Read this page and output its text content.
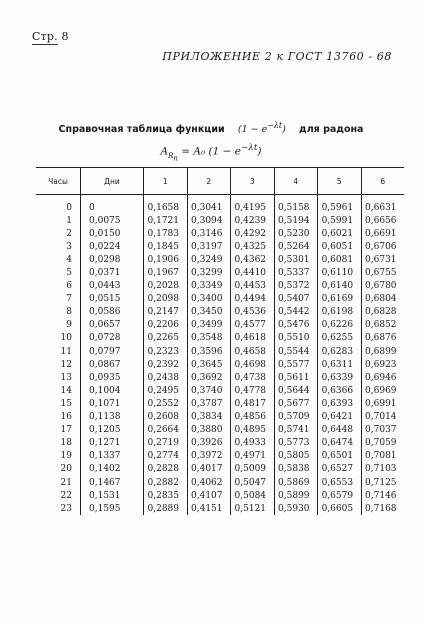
Стр. 8
ПРИЛОЖЕНИЕ 2 к ГОСТ 13760 - 68
Справочная таблица функции $(1 - e^{-\lambda t})$ для радона
$A_{R_n} = A_0$ $(1 - e^{-\lambda t})$
Часы	Дни	1	2	3	4	5	6
0	0	0,1658	0,3041	0,4195	0,5158	0,5961	0,6631
1	0,0075	0,1721	0,3094	0,4239	0,5194	0,5991	0,6656
2	0,0150	0,1783	0,3146	0,4292	0,5230	0,6021	0,6691
3	0,0224	0,1845	0,3197	0,4325	0,5264	0,6051	0,6706
4	0,0298	0,1906	0,3249	0,4362	0,5301	0,6081	0,6731
5	0,0371	0,1967	0,3299	0,4410	0,5337	0,6110	0,6755
6	0,0443	0,2028	0,3349	0,4453	0,5372	0,6140	0,6780
7	0,0515	0,2098	0,3400	0,4494	0,5407	0,6169	0,6804
8	0,0586	0,2147	0,3450	0,4536	0,5442	0,6198	0,6828
9	0,0657	0,2206	0,3499	0,4577	0,5476	0,6226	0,6852
10	0,0728	0,2265	0,3548	0,4618	0,5510	0,6255	0,6876
11	0,0797	0,2323	0,3596	0,4658	0,5544	0,6283	0,6899
12	0,0867	0,2392	0,3645	0,4698	0,5577	0,6311	0,6923
13	0,0935	0,2438	0,3692	0,4738	0,5611	0,6339	0,6946
14	0,1004	0,2495	0,3740	0,4778	0,5644	0,6366	0,6969
15	0,1071	0,2552	0,3787	0,4817	0,5677	0,6393	0,6991
16	0,1138	0,2608	0,3834	0,4856	0,5709	0,6421	0,7014
17	0,1205	0,2664	0,3880	0,4895	0,5741	0,6448	0,7037
18	0,1271	0,2719	0,3926	0,4933	0,5773	0,6474	0,7059
19	0,1337	0,2774	0,3972	0,4971	0,5805	0,6501	0,7081
20	0,1402	0,2828	0,4017	0,5009	0,5838	0,6527	0,7103
21	0,1467	0,2882	0,4062	0,5047	0,5869	0,6553	0,7125
22	0,1531	0,2835	0,4107	0,5084	0,5899	0,6579	0,7146
23	0,1595	0,2889	0,4151	0,5121	0,5930	0,6605	0,7168
